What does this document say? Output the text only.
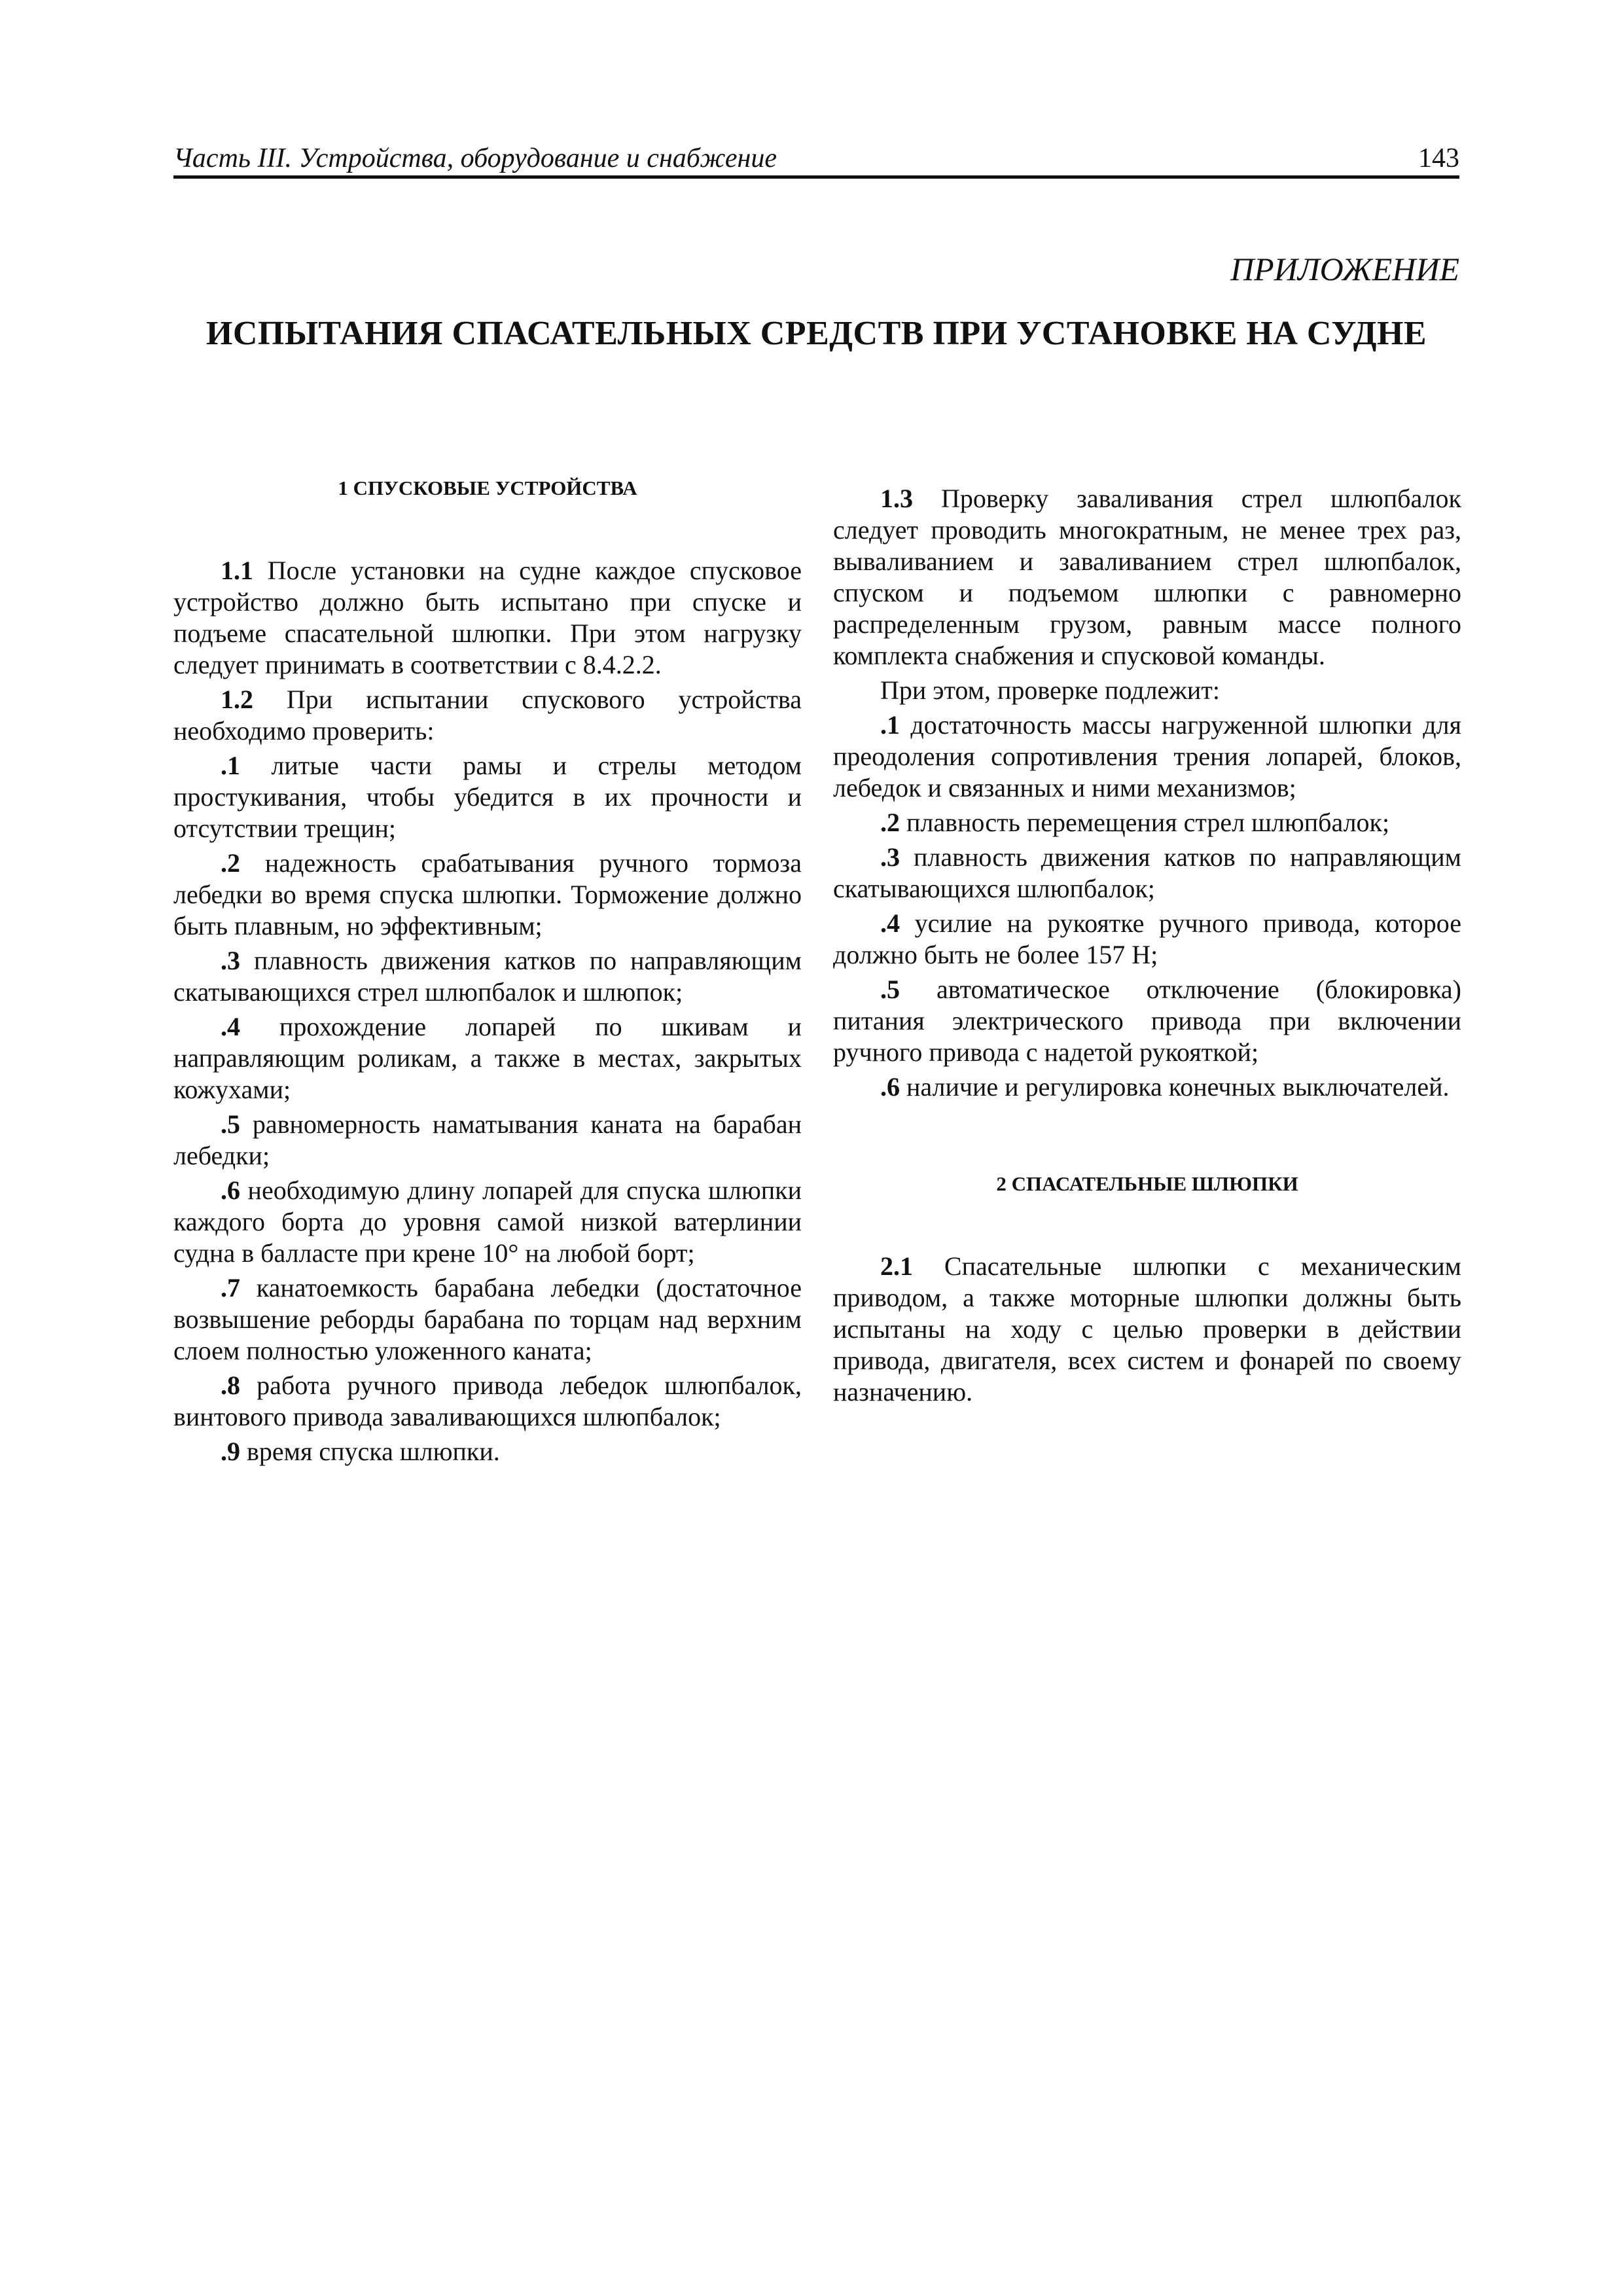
Часть III. Устройства, оборудование и снабжение	143
ПРИЛОЖЕНИЕ
ИСПЫТАНИЯ СПАСАТЕЛЬНЫХ СРЕДСТВ ПРИ УСТАНОВКЕ НА СУДНЕ
1 СПУСКОВЫЕ УСТРОЙСТВА

1.1 После установки на судне каждое спусковое устройство должно быть испытано при спуске и подъеме спасательной шлюпки. При этом нагрузку следует принимать в соответствии с 8.4.2.2.

1.2 При испытании спускового устройства необходимо проверить:

.1 литые части рамы и стрелы методом простукивания, чтобы убедится в их прочности и отсутствии трещин;

.2 надежность срабатывания ручного тормоза лебедки во время спуска шлюпки. Торможение должно быть плавным, но эффективным;

.3 плавность движения катков по направляющим скатывающихся стрел шлюпбалок и шлюпок;

.4 прохождение лопарей по шкивам и направляющим роликам, а также в местах, закрытых кожухами;

.5 равномерность наматывания каната на барабан лебедки;

.6 необходимую длину лопарей для спуска шлюпки каждого борта до уровня самой низкой ватерлинии судна в балласте при крене 10° на любой борт;

.7 канатоемкость барабана лебедки (достаточное возвышение реборды барабана по торцам над верхним слоем полностью уложенного каната;

.8 работа ручного привода лебедок шлюпбалок, винтового привода заваливающихся шлюпбалок;

.9 время спуска шлюпки.

1.3 Проверку заваливания стрел шлюпбалок следует проводить многократным, не менее трех раз, вываливанием и заваливанием стрел шлюпбалок, спуском и подъемом шлюпки с равномерно распределенным грузом, равным массе полного комплекта снабжения и спусковой команды.

При этом, проверке подлежит:

.1 достаточность массы нагруженной шлюпки для преодоления сопротивления трения лопарей, блоков, лебедок и связанных и ними механизмов;

.2 плавность перемещения стрел шлюпбалок;

.3 плавность движения катков по направляющим скатывающихся шлюпбалок;

.4 усилие на рукоятке ручного привода, которое должно быть не более 157 Н;

.5 автоматическое отключение (блокировка) питания электрического привода при включении ручного привода с надетой рукояткой;

.6 наличие и регулировка конечных выключателей.

2 СПАСАТЕЛЬНЫЕ ШЛЮПКИ

2.1 Спасательные шлюпки с механическим приводом, а также моторные шлюпки должны быть испытаны на ходу с целью проверки в действии привода, двигателя, всех систем и фонарей по своему назначению.
